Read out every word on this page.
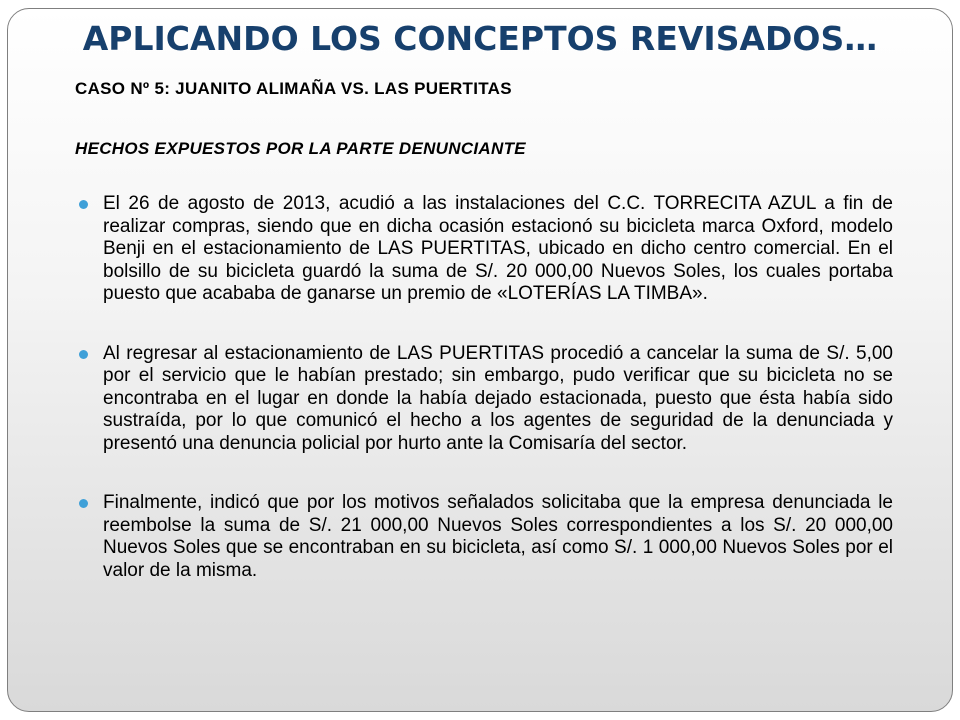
APLICANDO LOS CONCEPTOS REVISADOS…

CASO Nº 5: JUANITO ALIMAÑA VS. LAS PUERTITAS

HECHOS EXPUESTOS POR LA PARTE DENUNCIANTE

El 26 de agosto de 2013, acudió a las instalaciones del C.C. TORRECITA AZUL a fin de realizar compras, siendo que en dicha ocasión estacionó su bicicleta marca Oxford, modelo Benji en el estacionamiento de LAS PUERTITAS, ubicado en dicho centro comercial. En el bolsillo de su bicicleta guardó la suma de S/. 20 000,00 Nuevos Soles, los cuales portaba puesto que acababa de ganarse un premio de «LOTERÍAS LA TIMBA».
Al regresar al estacionamiento de LAS PUERTITAS procedió a cancelar la suma de S/. 5,00 por el servicio que le habían prestado; sin embargo, pudo verificar que su bicicleta no se encontraba en el lugar en donde la había dejado estacionada, puesto que ésta había sido sustraída, por lo que comunicó el hecho a los agentes de seguridad de la denunciada y presentó una denuncia policial por hurto ante la Comisaría del sector.
Finalmente, indicó que por los motivos señalados solicitaba que la empresa denunciada le reembolse la suma de S/. 21 000,00 Nuevos Soles correspondientes a los S/. 20 000,00 Nuevos Soles que se encontraban en su bicicleta, así como S/. 1 000,00 Nuevos Soles por el valor de la misma.
